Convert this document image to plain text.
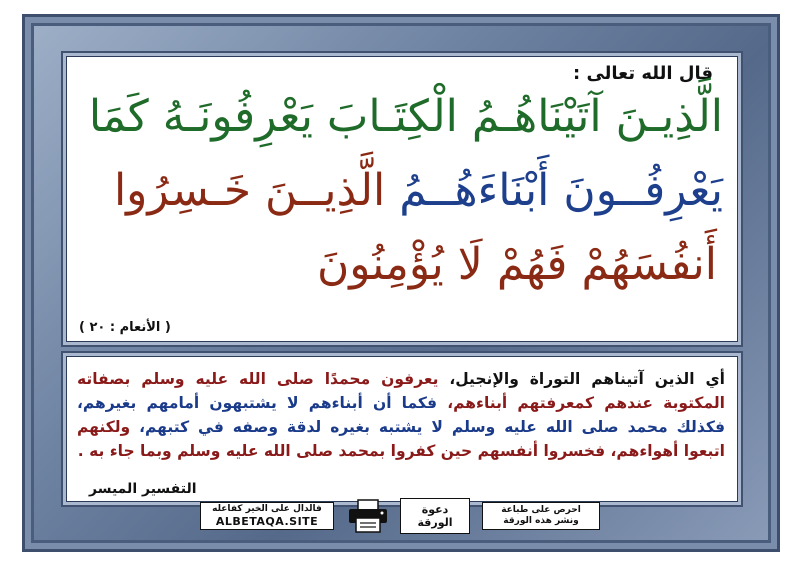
قال الله تعالى :
الَّذِيـنَ آتَيْنَاهُـمُ الْكِتَـابَ يَعْرِفُونَـهُ كَمَا
يَعْرِفُــونَ أَبْنَاءَهُــمُ الَّذِيــنَ خَـسِرُوا
أَنفُسَهُمْ فَهُمْ لَا يُؤْمِنُونَ
( الأنعام : ٢٠ )
أي الذين آتيناهم التوراة والإنجيل، يعرفون محمدًا صلى الله عليه وسلم بصفاته المكتوبة عندهم كمعرفتهم أبناءهم، فكما أن أبناءهم لا يشتبهون أمامهم بغيرهم، فكذلك محمد صلى الله عليه وسلم لا يشتبه بغيره لدقة وصفه في كتبهم، ولكنهم اتبعوا أهواءهم، فخسروا أنفسهم حين كفروا بمحمد صلى الله عليه وسلم وبما جاء به .
التفسير الميسر
فالدال على الخير كفاعله
ALBETAQA.SITE
دعوة
الورقة
احرص على طباعة
ونشر هذه الورقة
